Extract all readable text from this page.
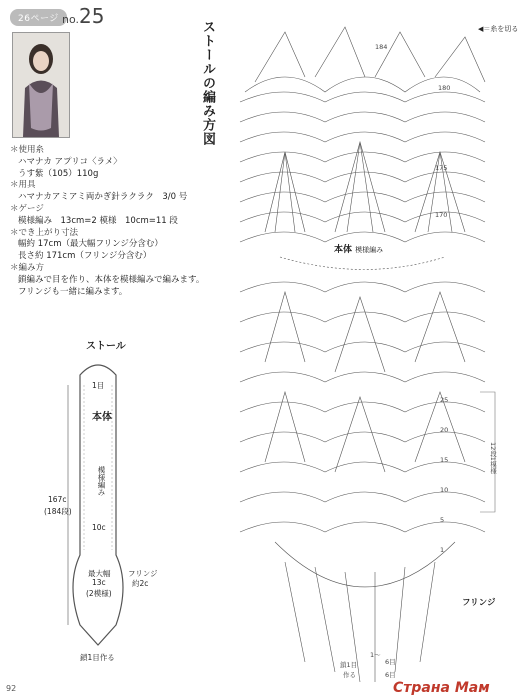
26ページ no.25
＊使用糸
ハマナカ アプリコ〈ラメ〉
うす紫（105）110g
＊用具
ハマナカアミアミ両かぎ針ラクラク　3/0 号
＊ゲージ
模様編み　13cm=2 模様　10cm=11 段
＊でき上がり寸法
幅約 17cm（最大幅フリンジ分含む）
長さ約 171cm（フリンジ分含む）
＊編み方
鎖編みで目を作り、本体を模様編みで編みます。
フリンジも一緒に編みます。
ストールの編み方図	◀＝糸を切る
184
180
175
170
25
20
15
10
5
1
12段1模様
鎖1目
作る
1〜
6目
6目
本体 模様編み
フリンジ
ストール
1目
本体
模様編み
167c
(184段)
10c
最大幅
13c
(2模様)
フリンジ
約2c
鎖1目作る
92	Страна Мам
